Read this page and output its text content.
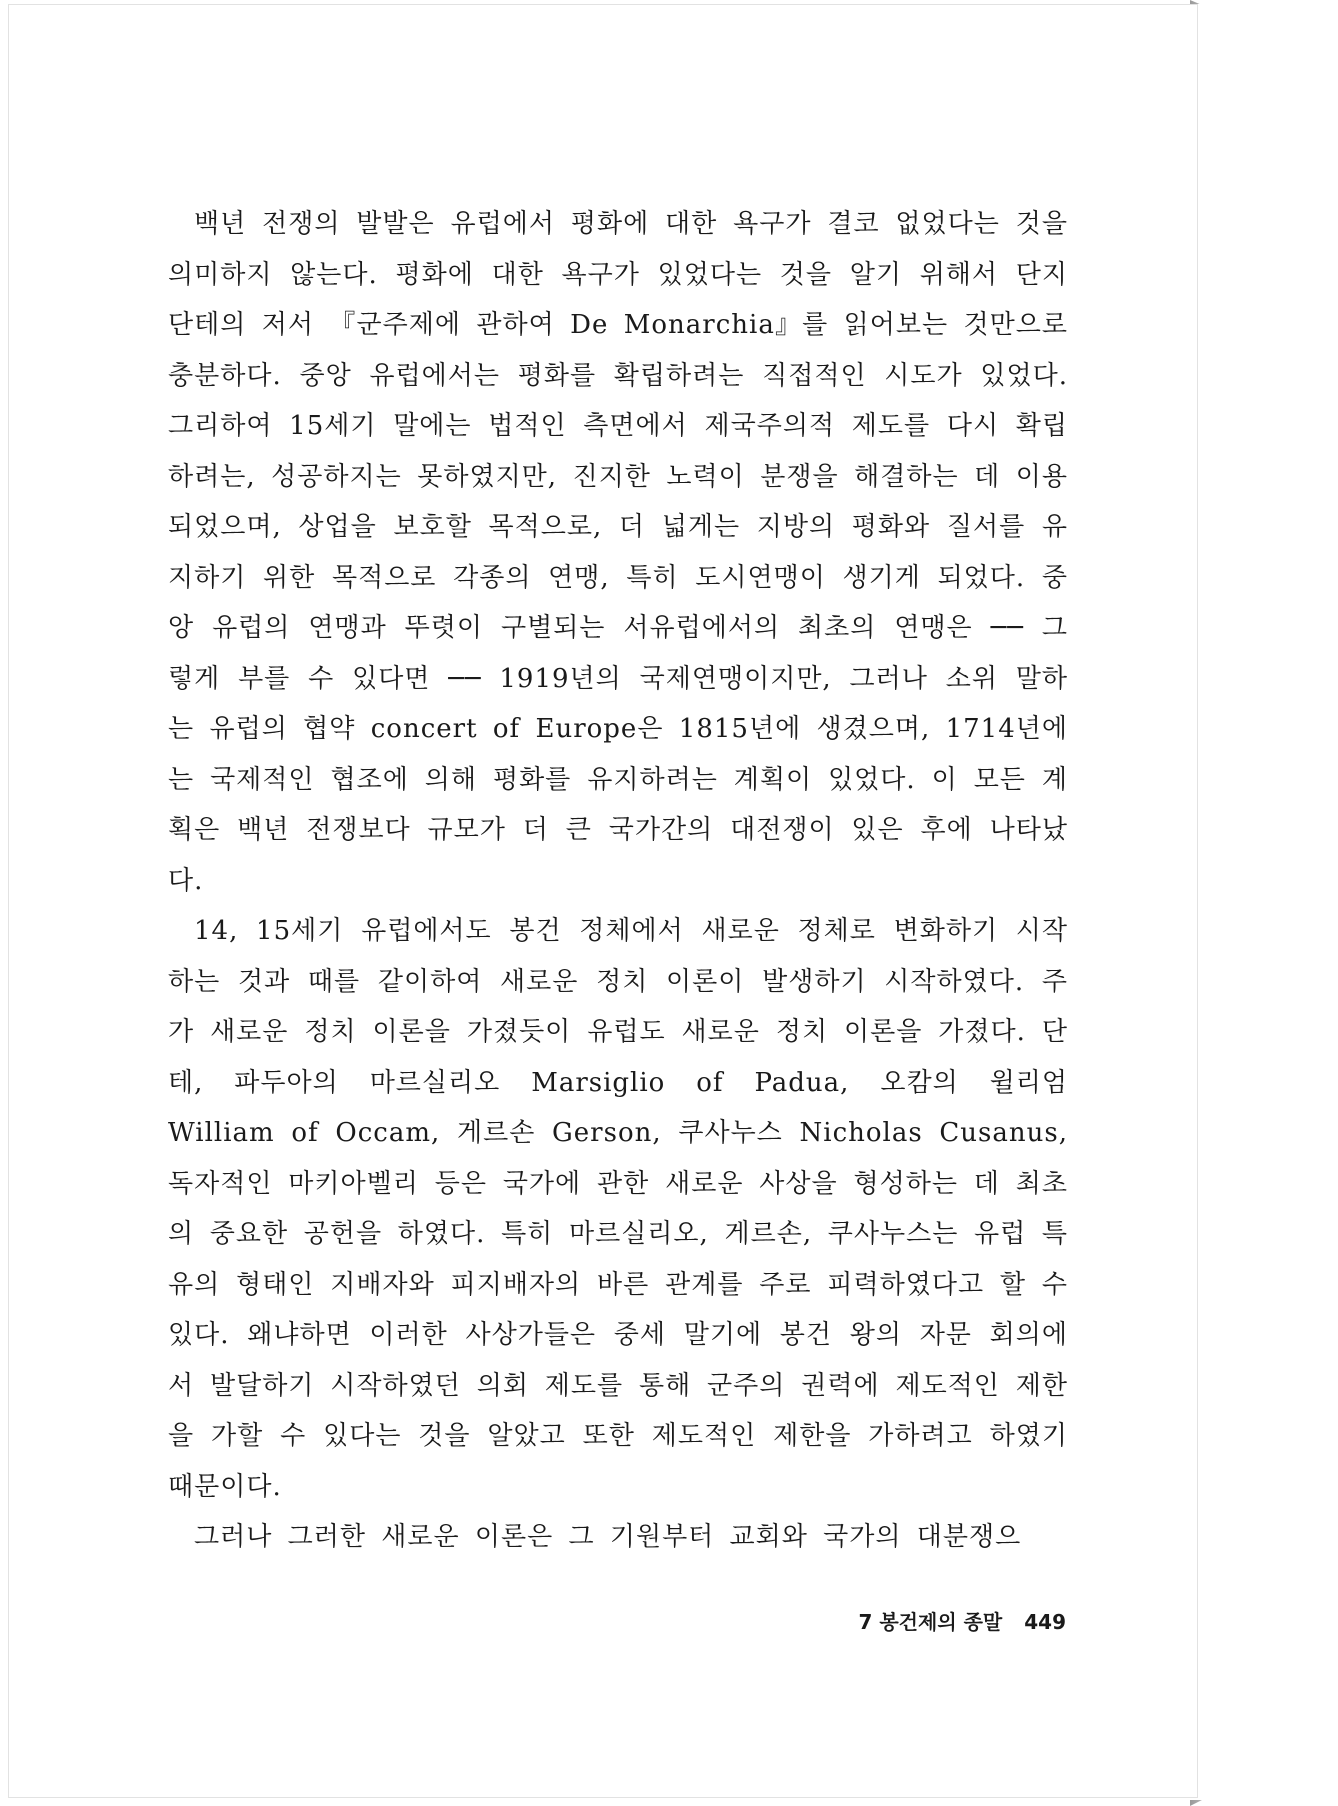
백년 전쟁의 발발은 유럽에서 평화에 대한 욕구가 결코 없었다는 것을 의미하지 않는다. 평화에 대한 욕구가 있었다는 것을 알기 위해서 단지 단테의 저서 『군주제에 관하여 De Monarchia』를 읽어보는 것만으로 충분하다. 중앙 유럽에서는 평화를 확립하려는 직접적인 시도가 있었다. 그리하여 15세기 말에는 법적인 측면에서 제국주의적 제도를 다시 확립하려는, 성공하지는 못하였지만, 진지한 노력이 분쟁을 해결하는 데 이용되었으며, 상업을 보호할 목적으로, 더 넓게는 지방의 평화와 질서를 유지하기 위한 목적으로 각종의 연맹, 특히 도시연맹이 생기게 되었다. 중앙 유럽의 연맹과 뚜렷이 구별되는 서유럽에서의 최초의 연맹은 ── 그렇게 부를 수 있다면 ── 1919년의 국제연맹이지만, 그러나 소위 말하는 유럽의 협약 concert of Europe은 1815년에 생겼으며, 1714년에는 국제적인 협조에 의해 평화를 유지하려는 계획이 있었다. 이 모든 계획은 백년 전쟁보다 규모가 더 큰 국가간의 대전쟁이 있은 후에 나타났다.

14, 15세기 유럽에서도 봉건 정체에서 새로운 정체로 변화하기 시작하는 것과 때를 같이하여 새로운 정치 이론이 발생하기 시작하였다. 주가 새로운 정치 이론을 가졌듯이 유럽도 새로운 정치 이론을 가졌다. 단테, 파두아의 마르실리오 Marsiglio of Padua, 오캄의 윌리엄 William of Occam, 게르손 Gerson, 쿠사누스 Nicholas Cusanus, 독자적인 마키아벨리 등은 국가에 관한 새로운 사상을 형성하는 데 최초의 중요한 공헌을 하였다. 특히 마르실리오, 게르손, 쿠사누스는 유럽 특유의 형태인 지배자와 피지배자의 바른 관계를 주로 피력하였다고 할 수 있다. 왜냐하면 이러한 사상가들은 중세 말기에 봉건 왕의 자문 회의에서 발달하기 시작하였던 의회 제도를 통해 군주의 권력에 제도적인 제한을 가할 수 있다는 것을 알았고 또한 제도적인 제한을 가하려고 하였기 때문이다.

그러나 그러한 새로운 이론은 그 기원부터 교회와 국가의 대분쟁으

7 봉건제의 종말 449
